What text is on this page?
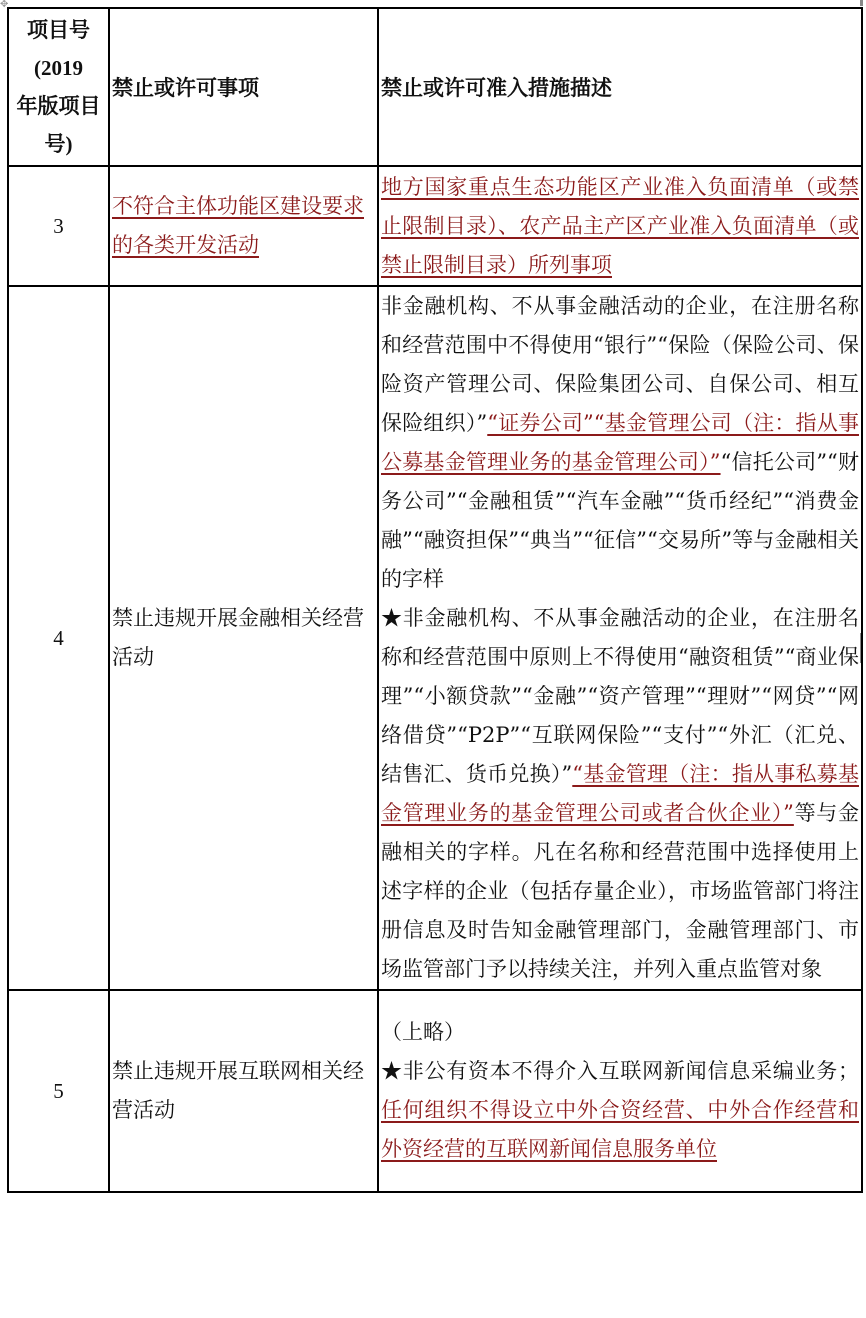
✥
项目号
(2019
年版项目
号)	禁止或许可事项	禁止或许可准入措施描述
3	不符合主体功能区建设要求的各类开发活动	地方国家重点生态功能区产业准入负面清单（或禁止限制目录）、农产品主产区产业准入负面清单（或禁止限制目录）所列事项
4	禁止违规开展金融相关经营活动	非金融机构、不从事金融活动的企业，在注册名称和经营范围中不得使用“银行”“保险（保险公司、保险资产管理公司、保险集团公司、自保公司、相互保险组织）”“证券公司”“基金管理公司（注：指从事公募基金管理业务的基金管理公司）”“信托公司”“财务公司”“金融租赁”“汽车金融”“货币经纪”“消费金融”“融资担保”“典当”“征信”“交易所”等与金融相关的字样
★非金融机构、不从事金融活动的企业，在注册名称和经营范围中原则上不得使用“融资租赁”“商业保理”“小额贷款”“金融”“资产管理”“理财”“网贷”“网络借贷”“P2P”“互联网保险”“支付”“外汇（汇兑、结售汇、货币兑换）”“基金管理（注：指从事私募基金管理业务的基金管理公司或者合伙企业）”等与金融相关的字样。凡在名称和经营范围中选择使用上述字样的企业（包括存量企业），市场监管部门将注册信息及时告知金融管理部门，金融管理部门、市场监管部门予以持续关注，并列入重点监管对象

5	禁止违规开展互联网相关经营活动	（上略）
★非公有资本不得介入互联网新闻信息采编业务；任何组织不得设立中外合资经营、中外合作经营和外资经营的互联网新闻信息服务单位
